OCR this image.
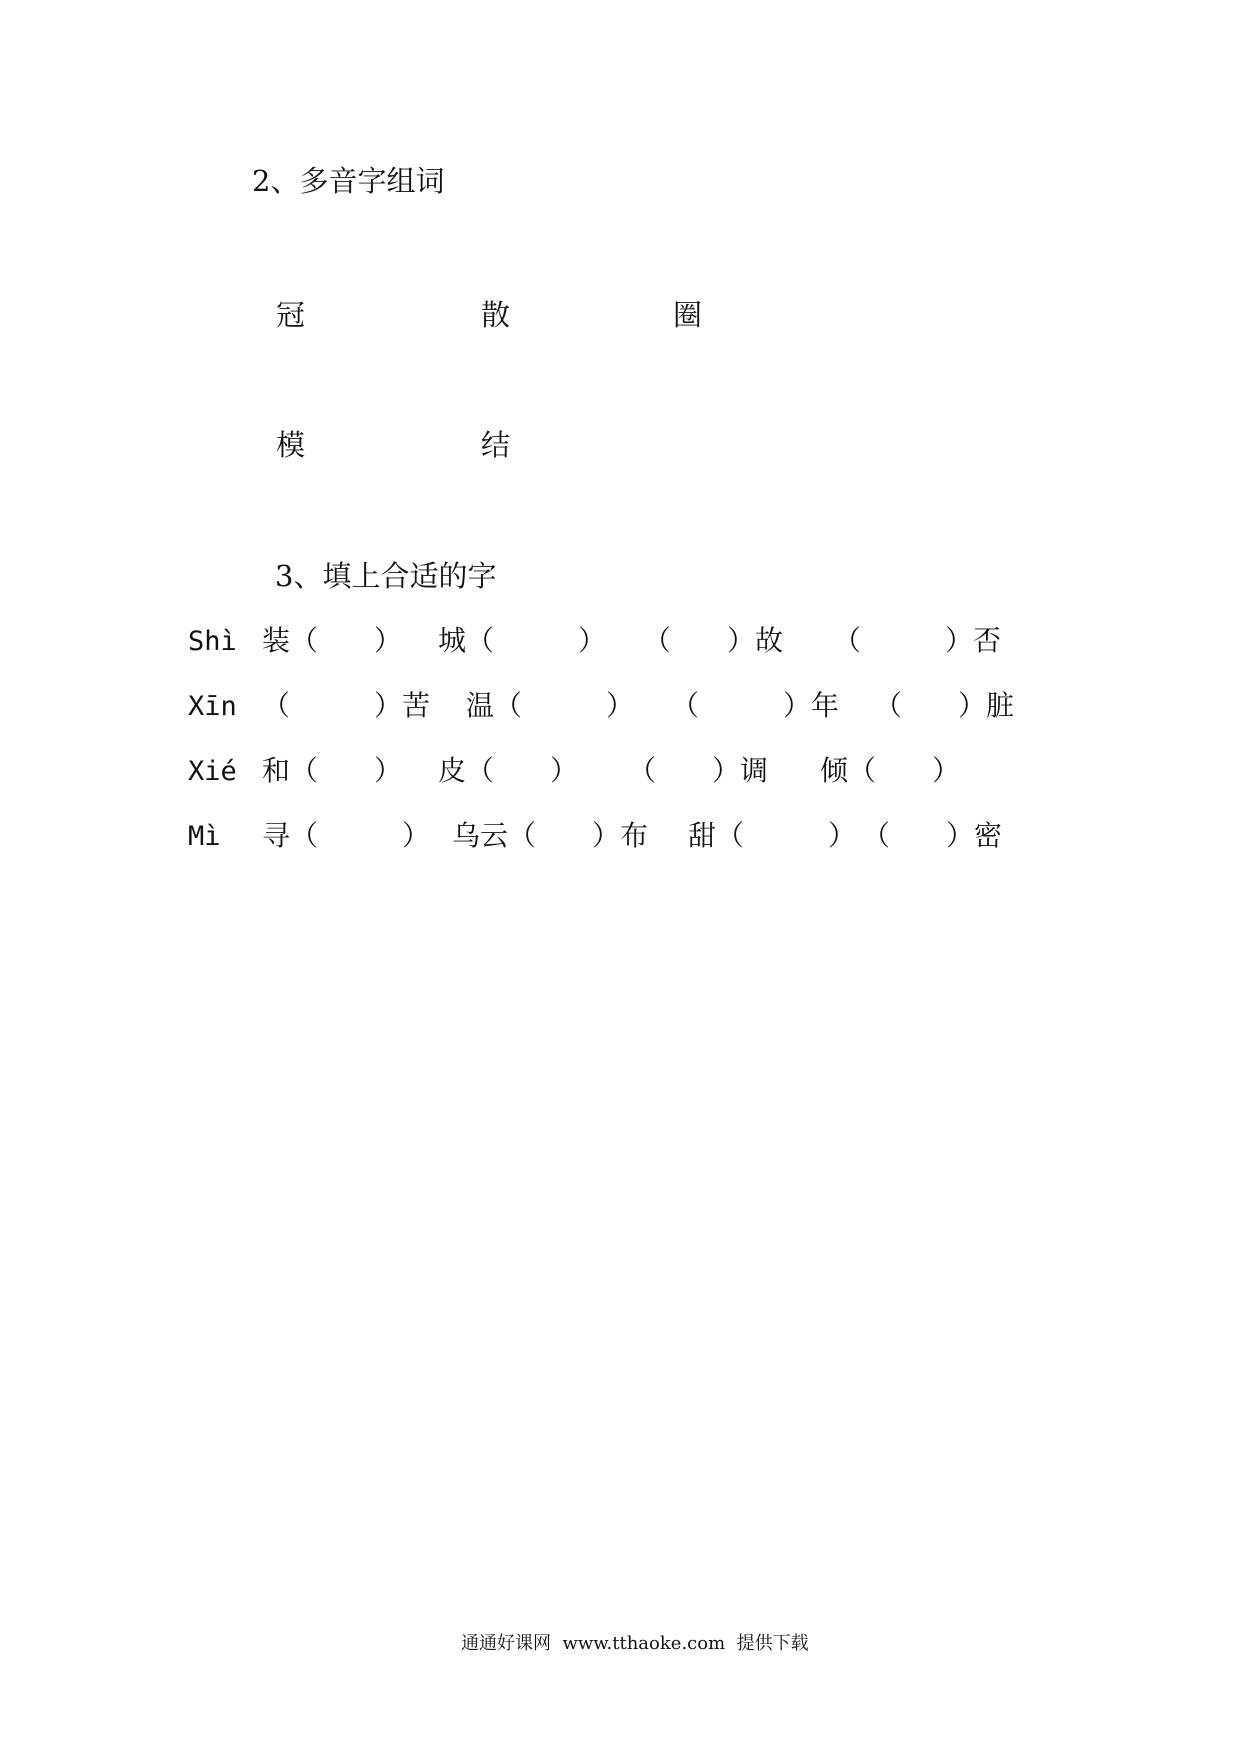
2、多音字组词
冠	散	圈
模	结
3、填上合适的字
Shì 装（　　） 城（　　　） （　　）故 （　　　）否
Xīn （　　　）苦 温（　　　） （　　　）年 （　　）脏
Xié 和（　　） 皮（　　） （　　）调 倾（　　）
Mì 寻（　　　） 乌云（　　）布 甜（　　　） （　　）密
通通好课网  www.tthaoke.com  提供下载
